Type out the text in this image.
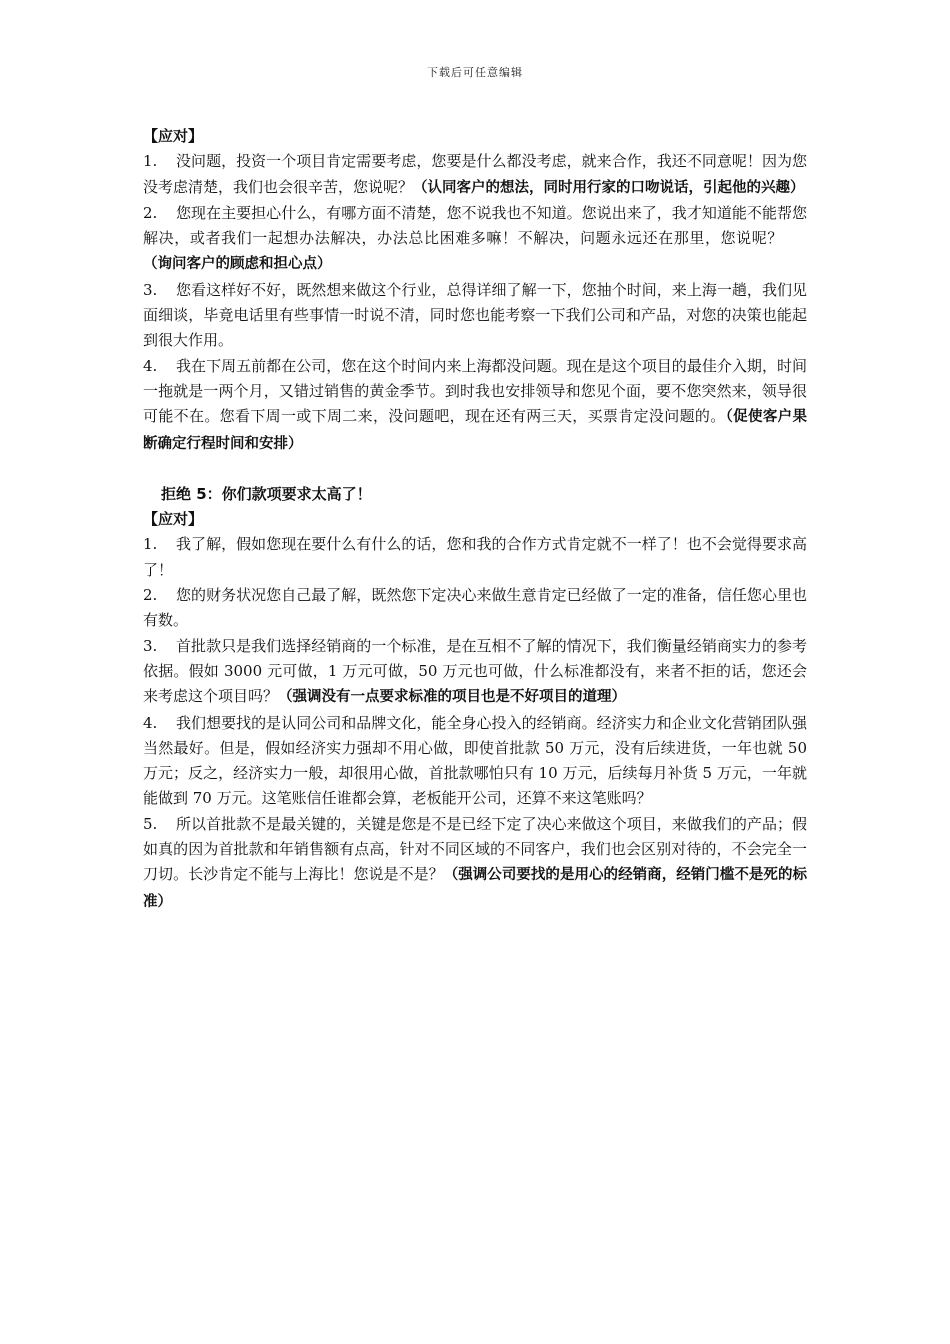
下载后可任意编辑

【应对】

1. 没问题，投资一个项目肯定需要考虑，您要是什么都没考虑，就来合作，我还不同意呢！因为您没考虑清楚，我们也会很辛苦，您说呢？（认同客户的想法，同时用行家的口吻说话，引起他的兴趣）

2. 您现在主要担心什么，有哪方面不清楚，您不说我也不知道。您说出来了，我才知道能不能帮您解决，或者我们一起想办法解决，办法总比困难多嘛！不解决，问题永远还在那里，您说呢？（询问客户的顾虑和担心点）

3. 您看这样好不好，既然想来做这个行业，总得详细了解一下，您抽个时间，来上海一趟，我们见面细谈，毕竟电话里有些事情一时说不清，同时您也能考察一下我们公司和产品，对您的决策也能起到很大作用。

4. 我在下周五前都在公司，您在这个时间内来上海都没问题。现在是这个项目的最佳介入期，时间一拖就是一两个月，又错过销售的黄金季节。到时我也安排领导和您见个面，要不您突然来，领导很可能不在。您看下周一或下周二来，没问题吧，现在还有两三天，买票肯定没问题的。（促使客户果断确定行程时间和安排）

拒绝 5：你们款项要求太高了！

【应对】

1. 我了解，假如您现在要什么有什么的话，您和我的合作方式肯定就不一样了！也不会觉得要求高了！

2. 您的财务状况您自己最了解，既然您下定决心来做生意肯定已经做了一定的准备，信任您心里也有数。

3. 首批款只是我们选择经销商的一个标准，是在互相不了解的情况下，我们衡量经销商实力的参考依据。假如 3000 元可做，1 万元可做，50 万元也可做，什么标准都没有，来者不拒的话，您还会来考虑这个项目吗？（强调没有一点要求标准的项目也是不好项目的道理）

4. 我们想要找的是认同公司和品牌文化，能全身心投入的经销商。经济实力和企业文化营销团队强当然最好。但是，假如经济实力强却不用心做，即使首批款 50 万元，没有后续进货，一年也就 50 万元；反之，经济实力一般，却很用心做，首批款哪怕只有 10 万元，后续每月补货 5 万元，一年就能做到 70 万元。这笔账信任谁都会算，老板能开公司，还算不来这笔账吗？

5. 所以首批款不是最关键的，关键是您是不是已经下定了决心来做这个项目，来做我们的产品；假如真的因为首批款和年销售额有点高，针对不同区域的不同客户，我们也会区别对待的，不会完全一刀切。长沙肯定不能与上海比！您说是不是？（强调公司要找的是用心的经销商，经销门槛不是死的标准）
